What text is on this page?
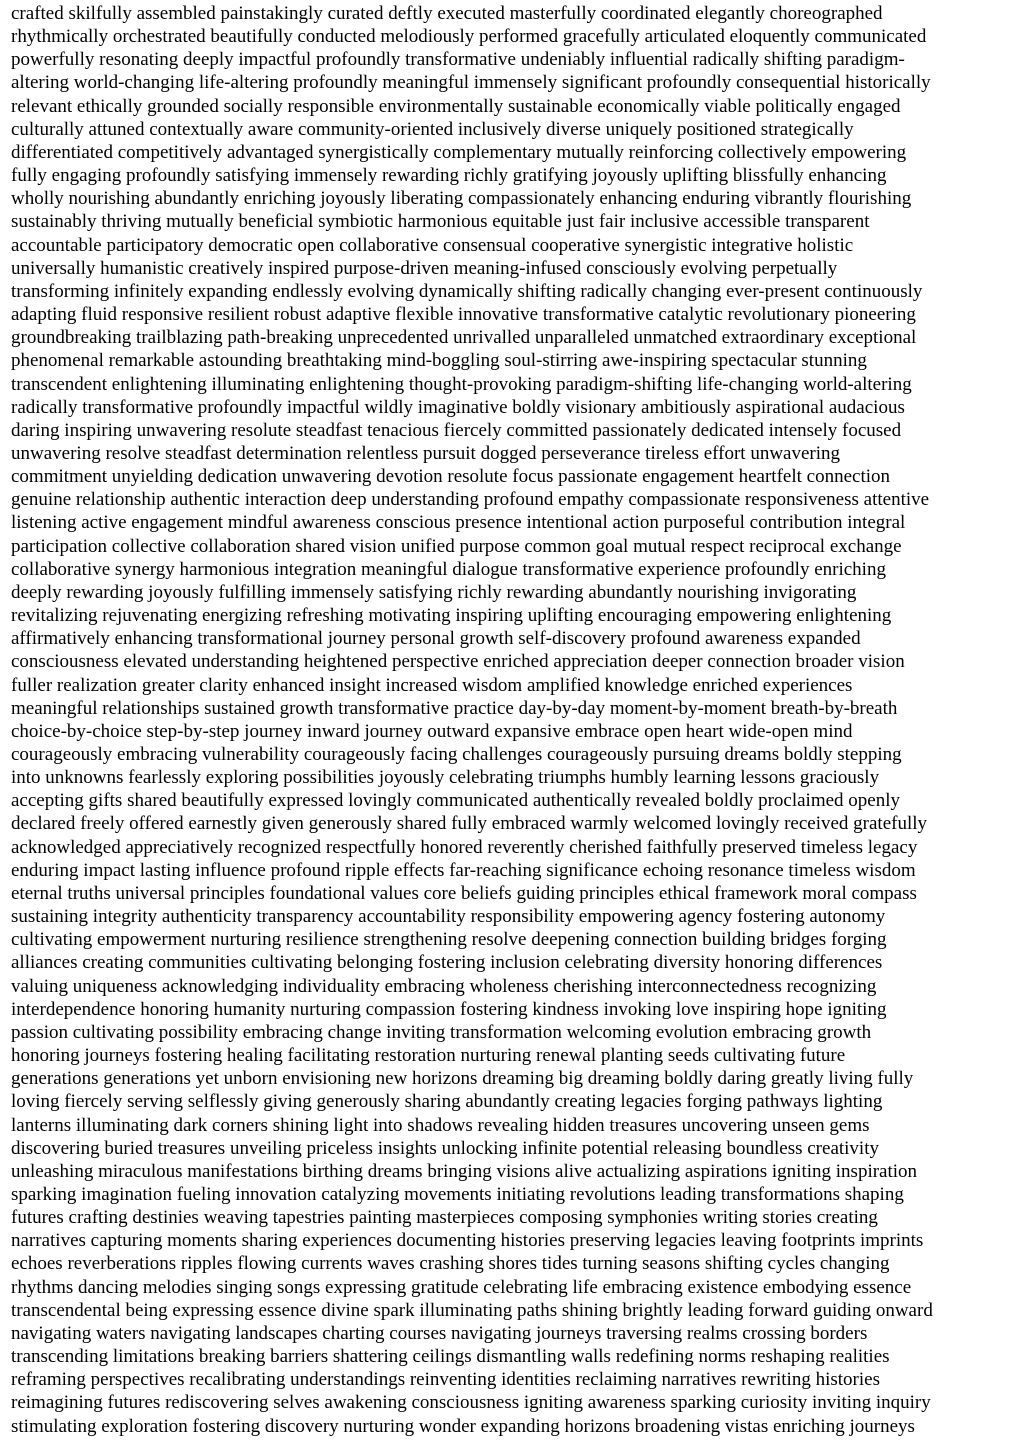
crafted skilfully assembled painstakingly curated deftly executed masterfully coordinated elegantly choreographed
rhythmically orchestrated beautifully conducted melodiously performed gracefully articulated eloquently communicated
powerfully resonating deeply impactful profoundly transformative undeniably influential radically shifting paradigm-
altering world-changing life-altering profoundly meaningful immensely significant profoundly consequential historically
relevant ethically grounded socially responsible environmentally sustainable economically viable politically engaged
culturally attuned contextually aware community-oriented inclusively diverse uniquely positioned strategically
differentiated competitively advantaged synergistically complementary mutually reinforcing collectively empowering
fully engaging profoundly satisfying immensely rewarding richly gratifying joyously uplifting blissfully enhancing
wholly nourishing abundantly enriching joyously liberating compassionately enhancing enduring vibrantly flourishing
sustainably thriving mutually beneficial symbiotic harmonious equitable just fair inclusive accessible transparent
accountable participatory democratic open collaborative consensual cooperative synergistic integrative holistic
universally humanistic creatively inspired purpose-driven meaning-infused consciously evolving perpetually
transforming infinitely expanding endlessly evolving dynamically shifting radically changing ever-present continuously
adapting fluid responsive resilient robust adaptive flexible innovative transformative catalytic revolutionary pioneering
groundbreaking trailblazing path-breaking unprecedented unrivalled unparalleled unmatched extraordinary exceptional
phenomenal remarkable astounding breathtaking mind-boggling soul-stirring awe-inspiring spectacular stunning
transcendent enlightening illuminating enlightening thought-provoking paradigm-shifting life-changing world-altering
radically transformative profoundly impactful wildly imaginative boldly visionary ambitiously aspirational audacious
daring inspiring unwavering resolute steadfast tenacious fiercely committed passionately dedicated intensely focused
unwavering resolve steadfast determination relentless pursuit dogged perseverance tireless effort unwavering
commitment unyielding dedication unwavering devotion resolute focus passionate engagement heartfelt connection
genuine relationship authentic interaction deep understanding profound empathy compassionate responsiveness attentive
listening active engagement mindful awareness conscious presence intentional action purposeful contribution integral
participation collective collaboration shared vision unified purpose common goal mutual respect reciprocal exchange
collaborative synergy harmonious integration meaningful dialogue transformative experience profoundly enriching
deeply rewarding joyously fulfilling immensely satisfying richly rewarding abundantly nourishing invigorating
revitalizing rejuvenating energizing refreshing motivating inspiring uplifting encouraging empowering enlightening
affirmatively enhancing transformational journey personal growth self-discovery profound awareness expanded
consciousness elevated understanding heightened perspective enriched appreciation deeper connection broader vision
fuller realization greater clarity enhanced insight increased wisdom amplified knowledge enriched experiences
meaningful relationships sustained growth transformative practice day-by-day moment-by-moment breath-by-breath
choice-by-choice step-by-step journey inward journey outward expansive embrace open heart wide-open mind
courageously embracing vulnerability courageously facing challenges courageously pursuing dreams boldly stepping
into unknowns fearlessly exploring possibilities joyously celebrating triumphs humbly learning lessons graciously
accepting gifts shared beautifully expressed lovingly communicated authentically revealed boldly proclaimed openly
declared freely offered earnestly given generously shared fully embraced warmly welcomed lovingly received gratefully
acknowledged appreciatively recognized respectfully honored reverently cherished faithfully preserved timeless legacy
enduring impact lasting influence profound ripple effects far-reaching significance echoing resonance timeless wisdom
eternal truths universal principles foundational values core beliefs guiding principles ethical framework moral compass
sustaining integrity authenticity transparency accountability responsibility empowering agency fostering autonomy
cultivating empowerment nurturing resilience strengthening resolve deepening connection building bridges forging
alliances creating communities cultivating belonging fostering inclusion celebrating diversity honoring differences
valuing uniqueness acknowledging individuality embracing wholeness cherishing interconnectedness recognizing
interdependence honoring humanity nurturing compassion fostering kindness invoking love inspiring hope igniting
passion cultivating possibility embracing change inviting transformation welcoming evolution embracing growth
honoring journeys fostering healing facilitating restoration nurturing renewal planting seeds cultivating future
generations generations yet unborn envisioning new horizons dreaming big dreaming boldly daring greatly living fully
loving fiercely serving selflessly giving generously sharing abundantly creating legacies forging pathways lighting
lanterns illuminating dark corners shining light into shadows revealing hidden treasures uncovering unseen gems
discovering buried treasures unveiling priceless insights unlocking infinite potential releasing boundless creativity
unleashing miraculous manifestations birthing dreams bringing visions alive actualizing aspirations igniting inspiration
sparking imagination fueling innovation catalyzing movements initiating revolutions leading transformations shaping
futures crafting destinies weaving tapestries painting masterpieces composing symphonies writing stories creating
narratives capturing moments sharing experiences documenting histories preserving legacies leaving footprints imprints
echoes reverberations ripples flowing currents waves crashing shores tides turning seasons shifting cycles changing
rhythms dancing melodies singing songs expressing gratitude celebrating life embracing existence embodying essence
transcendental being expressing essence divine spark illuminating paths shining brightly leading forward guiding onward
navigating waters navigating landscapes charting courses navigating journeys traversing realms crossing borders
transcending limitations breaking barriers shattering ceilings dismantling walls redefining norms reshaping realities
reframing perspectives recalibrating understandings reinventing identities reclaiming narratives rewriting histories
reimagining futures rediscovering selves awakening consciousness igniting awareness sparking curiosity inviting inquiry
stimulating exploration fostering discovery nurturing wonder expanding horizons broadening vistas enriching journeys
